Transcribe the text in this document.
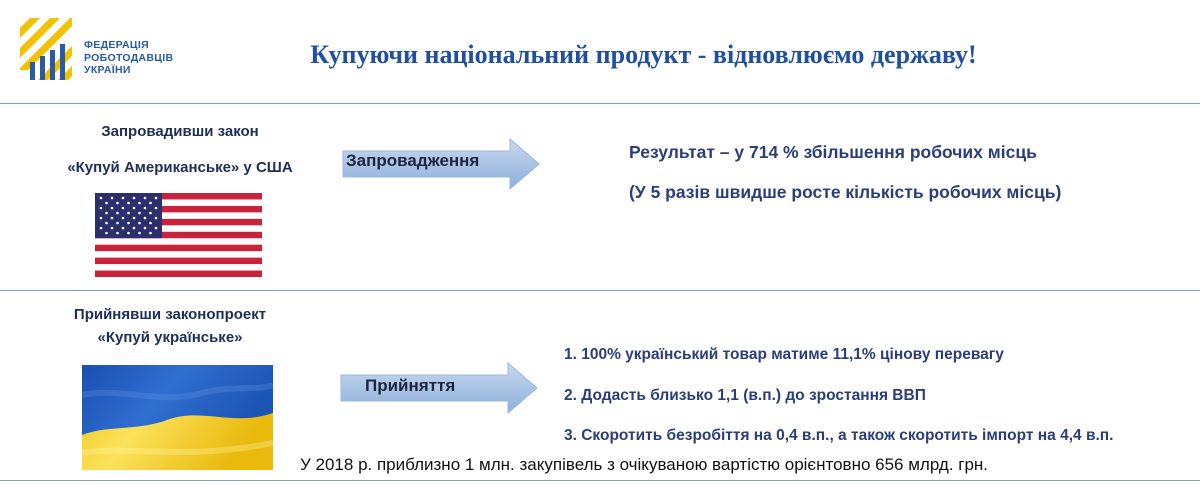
ФЕДЕРАЦІЯ
РОБОТОДАВЦІВ
УКРАЇНИ
Купуючи національний продукт - відновлюємо державу!
Запровадивши закон
«Купуй Американське» у США	Запровадження	Результат – у 714 % збільшення робочих місць
(У 5 разів швидше росте кількість робочих місць)
Прийнявши законопроект
«Купуй українське»
Прийняття
1. 100% український товар матиме 11,1% цінову перевагу
2. Додасть близько 1,1 (в.п.) до зростання ВВП
3. Скоротить безробіття на 0,4 в.п., а також скоротить імпорт на 4,4 в.п.
У 2018 р. приблизно 1 млн. закупівель з очікуваною вартістю орієнтовно 656 млрд. грн.
